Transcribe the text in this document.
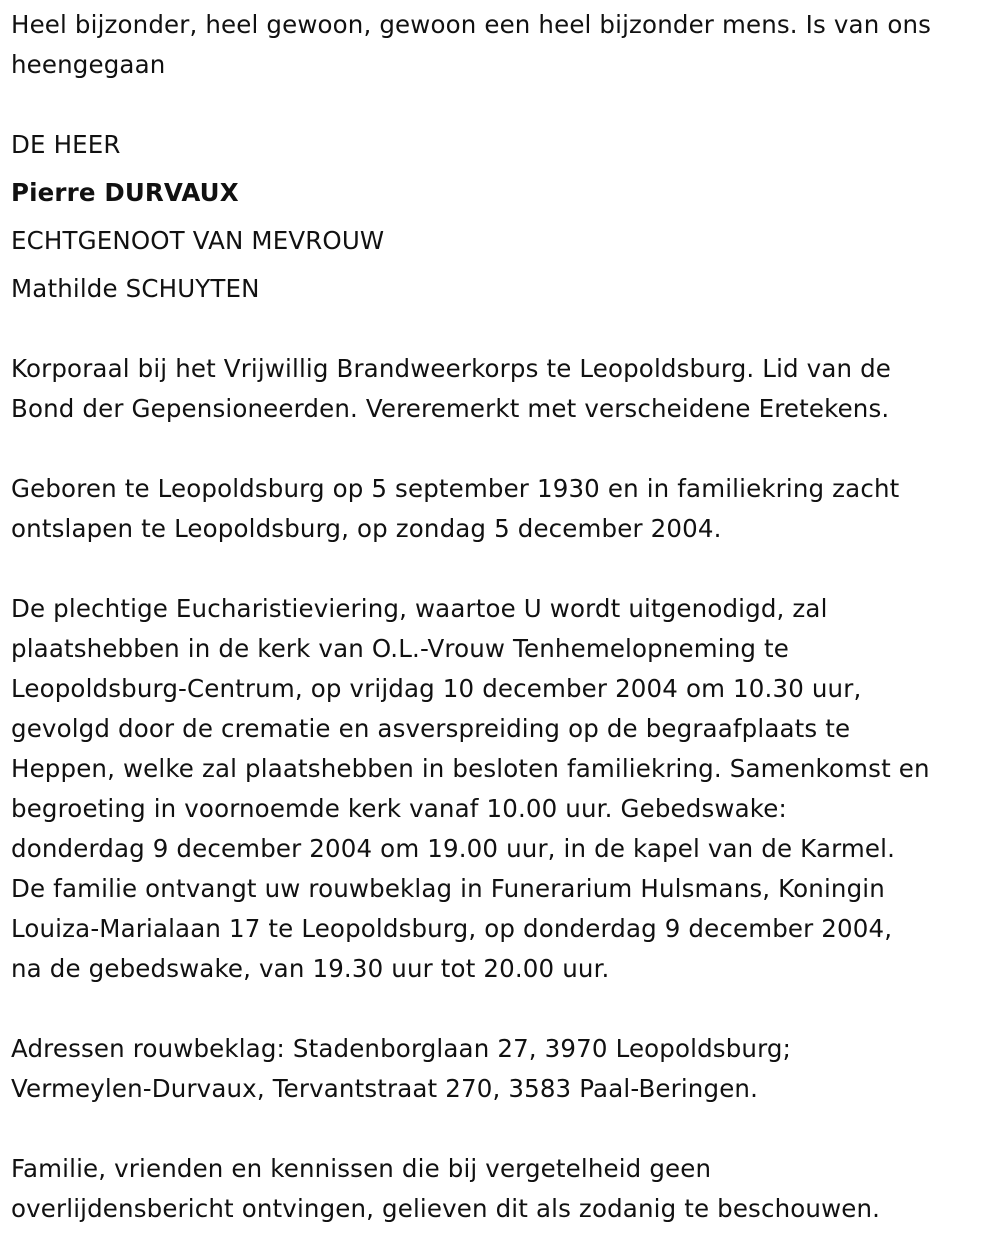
Heel bijzonder, heel gewoon, gewoon een heel bijzonder mens. Is van ons

heengegaan

DE HEER

Pierre DURVAUX

ECHTGENOOT VAN MEVROUW

Mathilde SCHUYTEN

Korporaal bij het Vrijwillig Brandweerkorps te Leopoldsburg. Lid van de

Bond der Gepensioneerden. Vereremerkt met verscheidene Eretekens.

Geboren te Leopoldsburg op 5 september 1930 en in familiekring zacht

ontslapen te Leopoldsburg, op zondag 5 december 2004.

De plechtige Eucharistieviering, waartoe U wordt uitgenodigd, zal

plaatshebben in de kerk van O.L.-Vrouw Tenhemelopneming te

Leopoldsburg-Centrum, op vrijdag 10 december 2004 om 10.30 uur,

gevolgd door de crematie en asverspreiding op de begraafplaats te

Heppen, welke zal plaatshebben in besloten familiekring. Samenkomst en

begroeting in voornoemde kerk vanaf 10.00 uur. Gebedswake:

donderdag 9 december 2004 om 19.00 uur, in de kapel van de Karmel.

De familie ontvangt uw rouwbeklag in Funerarium Hulsmans, Koningin

Louiza-Marialaan 17 te Leopoldsburg, op donderdag 9 december 2004,

na de gebedswake, van 19.30 uur tot 20.00 uur.

Adressen rouwbeklag: Stadenborglaan 27, 3970 Leopoldsburg;

Vermeylen-Durvaux, Tervantstraat 270, 3583 Paal-Beringen.

Familie, vrienden en kennissen die bij vergetelheid geen

overlijdensbericht ontvingen, gelieven dit als zodanig te beschouwen.
